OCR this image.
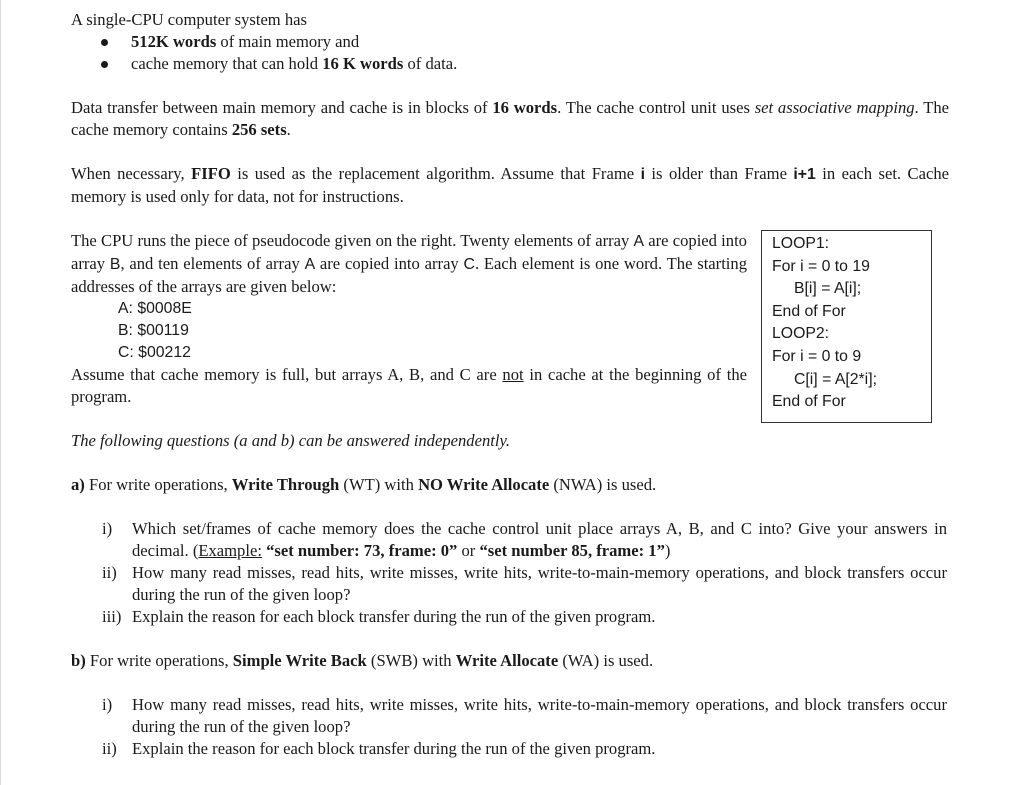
A single-CPU computer system has

512K words of main memory and
cache memory that can hold 16 K words of data.

Data transfer between main memory and cache is in blocks of 16 words. The cache control unit uses set associative mapping. The cache memory contains 256 sets.

When necessary, FIFO is used as the replacement algorithm. Assume that Frame i is older than Frame i+1 in each set. Cache memory is used only for data, not for instructions.

The CPU runs the piece of pseudocode given on the right. Twenty elements of array A are copied into array B, and ten elements of array A are copied into array C. Each element is one word. The starting addresses of the arrays are given below:

A: $0008E
B: $00119
C: $00212

Assume that cache memory is full, but arrays A, B, and C are not in cache at the beginning of the program.

LOOP1:
For i = 0 to 19
B[i] = A[i];
End of For
LOOP2:
For i = 0 to 9
C[i] = A[2*i];
End of For

The following questions (a and b) can be answered independently.

a) For write operations, Write Through (WT) with NO Write Allocate (NWA) is used.

i) Which set/frames of cache memory does the cache control unit place arrays A, B, and C into? Give your answers in decimal. (Example: “set number: 73, frame: 0” or “set number 85, frame: 1”)
ii) How many read misses, read hits, write misses, write hits, write-to-main-memory operations, and block transfers occur during the run of the given loop?
iii) Explain the reason for each block transfer during the run of the given program.

b) For write operations, Simple Write Back (SWB) with Write Allocate (WA) is used.

i) How many read misses, read hits, write misses, write hits, write-to-main-memory operations, and block transfers occur during the run of the given loop?
ii) Explain the reason for each block transfer during the run of the given program.
